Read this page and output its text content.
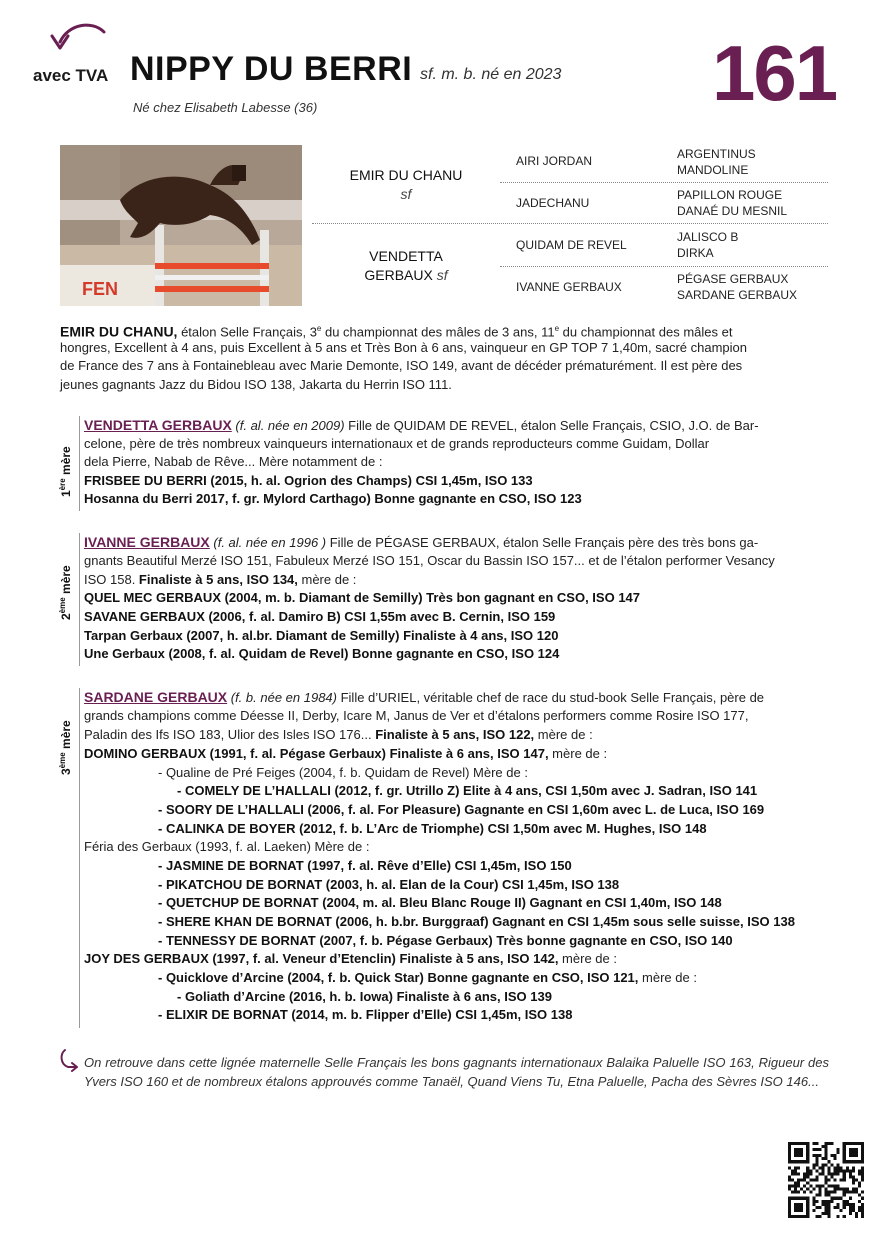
avec TVA NIPPY DU BERRI sf. m. b. né en 2023 161
Né chez Elisabeth Labesse (36)
FEN
EMIR DU CHANU
sf
VENDETTA
GERBAUX sf
AIRI JORDAN
JADECHANU
QUIDAM DE REVEL
IVANNE GERBAUX
ARGENTINUS
MANDOLINE
PAPILLON ROUGE
DANAÉ DU MESNIL
JALISCO B
DIRKA
PÉGASE GERBAUX
SARDANE GERBAUX
EMIR DU CHANU, étalon Selle Français, 3e du championnat des mâles de 3 ans, 11e du championnat des mâles et
hongres, Excellent à 4 ans, puis Excellent à 5 ans et Très Bon à 6 ans, vainqueur en GP TOP 7 1,40m, sacré champion
de France des 7 ans à Fontainebleau avec Marie Demonte, ISO 149, avant de décéder prématurément. Il est père des
jeunes gagnants Jazz du Bidou ISO 138, Jakarta du Herrin ISO 111.
1ère mère
VENDETTA GERBAUX (f. al. née en 2009) Fille de QUIDAM DE REVEL, étalon Selle Français, CSIO, J.O. de Bar-
celone, père de très nombreux vainqueurs internationaux et de grands reproducteurs comme Guidam, Dollar
dela Pierre, Nabab de Rêve... Mère notamment de :
FRISBEE DU BERRI (2015, h. al. Ogrion des Champs) CSI 1,45m, ISO 133
Hosanna du Berri 2017, f. gr. Mylord Carthago) Bonne gagnante en CSO, ISO 123
2ème mère
IVANNE GERBAUX (f. al. née en 1996 ) Fille de PÉGASE GERBAUX, étalon Selle Français père des très bons ga-
gnants Beautiful Merzé ISO 151, Fabuleux Merzé ISO 151, Oscar du Bassin ISO 157... et de l’étalon performer Vesancy
ISO 158. Finaliste à 5 ans, ISO 134, mère de :
QUEL MEC GERBAUX (2004, m. b. Diamant de Semilly) Très bon gagnant en CSO, ISO 147
SAVANE GERBAUX (2006, f. al. Damiro B) CSI 1,55m avec B. Cernin, ISO 159
Tarpan Gerbaux (2007, h. al.br. Diamant de Semilly) Finaliste à 4 ans, ISO 120
Une Gerbaux (2008, f. al. Quidam de Revel) Bonne gagnante en CSO, ISO 124
3ème mère
SARDANE GERBAUX (f. b. née en 1984) Fille d’URIEL, véritable chef de race du stud-book Selle Français, père de
grands champions comme Déesse II, Derby, Icare M, Janus de Ver et d’étalons performers comme Rosire ISO 177,
Paladin des Ifs ISO 183, Ulior des Isles ISO 176... Finaliste à 5 ans, ISO 122, mère de :
DOMINO GERBAUX (1991, f. al. Pégase Gerbaux) Finaliste à 6 ans, ISO 147, mère de :
- Qualine de Pré Feiges (2004, f. b. Quidam de Revel) Mère de :
- COMELY DE L’HALLALI (2012, f. gr. Utrillo Z) Elite à 4 ans, CSI 1,50m avec J. Sadran, ISO 141
- SOORY DE L’HALLALI (2006, f. al. For Pleasure) Gagnante en CSI 1,60m avec L. de Luca, ISO 169
- CALINKA DE BOYER (2012, f. b. L’Arc de Triomphe) CSI 1,50m avec M. Hughes, ISO 148
Féria des Gerbaux (1993, f. al. Laeken) Mère de :
- JASMINE DE BORNAT (1997, f. al. Rêve d’Elle) CSI 1,45m, ISO 150
- PIKATCHOU DE BORNAT (2003, h. al. Elan de la Cour) CSI 1,45m, ISO 138
- QUETCHUP DE BORNAT (2004, m. al. Bleu Blanc Rouge II) Gagnant en CSI 1,40m, ISO 148
- SHERE KHAN DE BORNAT (2006, h. b.br. Burggraaf) Gagnant en CSI 1,45m sous selle suisse, ISO 138
- TENNESSY DE BORNAT (2007, f. b. Pégase Gerbaux) Très bonne gagnante en CSO, ISO 140
JOY DES GERBAUX (1997, f. al. Veneur d’Etenclin) Finaliste à 5 ans, ISO 142, mère de :
- Quicklove d’Arcine (2004, f. b. Quick Star) Bonne gagnante en CSO, ISO 121, mère de :
- Goliath d’Arcine (2016, h. b. Iowa) Finaliste à 6 ans, ISO 139
- ELIXIR DE BORNAT (2014, m. b. Flipper d’Elle) CSI 1,45m, ISO 138
On retrouve dans cette lignée maternelle Selle Français les bons gagnants internationaux Balaika Paluelle ISO 163, Rigueur des Yvers ISO 160 et de nombreux étalons approuvés comme Tanaël, Quand Viens Tu, Etna Paluelle, Pacha des Sèvres ISO 146...
